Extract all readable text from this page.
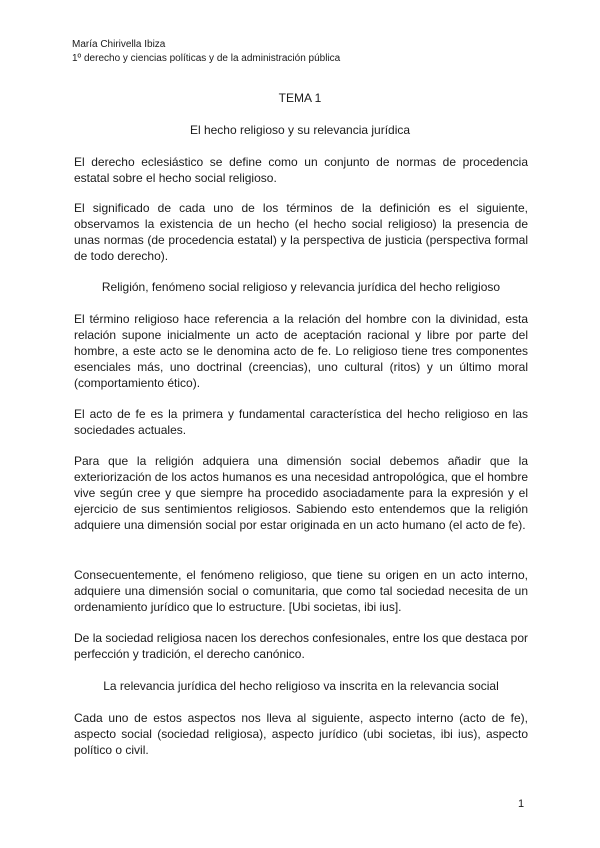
María Chirivella Ibiza
1º derecho y ciencias políticas y de la administración pública
TEMA 1
El hecho religioso y su relevancia jurídica
El derecho eclesiástico se define como un conjunto de normas de procedencia estatal sobre el hecho social religioso.
El significado de cada uno de los términos de la definición es el siguiente, observamos la existencia de un hecho (el hecho social religioso) la presencia de unas normas (de procedencia estatal) y la perspectiva de justicia (perspectiva formal de todo derecho).
Religión, fenómeno social religioso y relevancia jurídica del hecho religioso
El término religioso hace referencia a la relación del hombre con la divinidad, esta relación supone inicialmente un acto de aceptación racional y libre por parte del hombre, a este acto se le denomina acto de fe. Lo religioso tiene tres componentes esenciales más, uno doctrinal (creencias), uno cultural (ritos) y un último moral (comportamiento ético).
El acto de fe es la primera y fundamental característica del hecho religioso en las sociedades actuales.
Para que la religión adquiera una dimensión social debemos añadir que la exteriorización de los actos humanos es una necesidad antropológica, que el hombre vive según cree y que siempre ha procedido asociadamente para la expresión y el ejercicio de sus sentimientos religiosos. Sabiendo esto entendemos que la religión adquiere una dimensión social por estar originada en un acto humano (el acto de fe).
Consecuentemente, el fenómeno religioso, que tiene su origen en un acto interno, adquiere una dimensión social o comunitaria, que como tal sociedad necesita de un ordenamiento jurídico que lo estructure. [Ubi societas, ibi ius].
De la sociedad religiosa nacen los derechos confesionales, entre los que destaca por perfección y tradición, el derecho canónico.
La relevancia jurídica del hecho religioso va inscrita en la relevancia social
Cada uno de estos aspectos nos lleva al siguiente, aspecto interno (acto de fe), aspecto social (sociedad religiosa), aspecto jurídico (ubi societas, ibi ius), aspecto político o civil.
1
